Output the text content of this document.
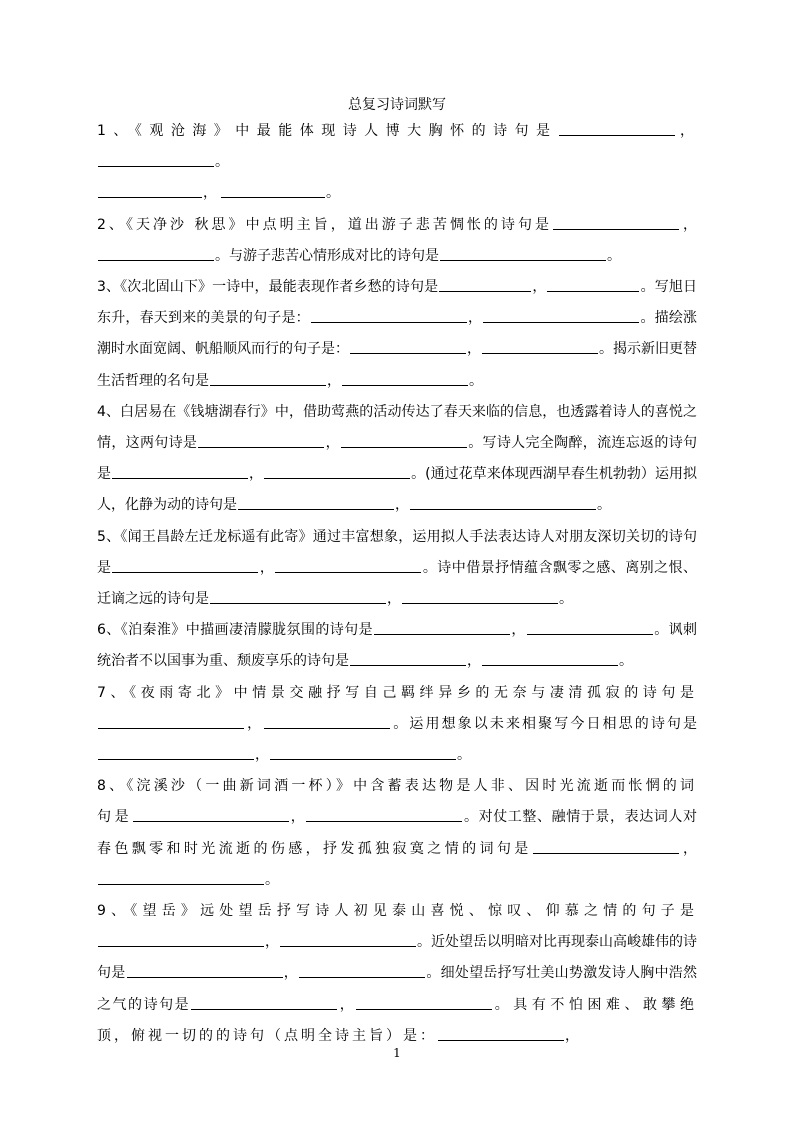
总复习诗词默写

1、《观沧海》中最能体现诗人博大胸怀的诗句是	，。
，	。

2、《天净沙 秋思》中点明主旨，道出游子悲苦惆怅的诗句是	，。与游子悲苦心情形成对比的诗句是	。

3、《次北固山下》一诗中，最能表现作者乡愁的诗句是	，	。写旭日东升，春天到来的美景的句子是：	，	。描绘涨潮时水面宽阔、帆船顺风而行的句子是：	，	。揭示新旧更替生活哲理的名句是	，	。

4、白居易在《钱塘湖春行》中，借助莺燕的活动传达了春天来临的信息，也透露着诗人的喜悦之情，这两句诗是	，	。写诗人完全陶醉，流连忘返的诗句是	，	。(通过花草来体现西湖早春生机勃勃）运用拟人，化静为动的诗句是	，	。

5、《闻王昌龄左迁龙标遥有此寄》通过丰富想象，运用拟人手法表达诗人对朋友深切关切的诗句是	，	。诗中借景抒情蕴含飘零之感、离别之恨、迁谪之远的诗句是	，	。

6、《泊秦淮》中描画凄清朦胧氛围的诗句是	，	。讽刺统治者不以国事为重、颓废享乐的诗句是	，	。

7、《夜雨寄北》中情景交融抒写自己羁绊异乡的无奈与凄清孤寂的诗句是，	。运用想象以未来相聚写今日相思的诗句是，	。

8、《浣溪沙（一曲新词酒一杯）》中含蓄表达物是人非、因时光流逝而怅惘的词句是	，	。对仗工整、融情于景，表达词人对春色飘零和时光流逝的伤感，抒发孤独寂寞之情的词句是	，。

9、《望岳》远处望岳抒写诗人初见泰山喜悦、惊叹、仰慕之情的句子是，	。近处望岳以明暗对比再现泰山高峻雄伟的诗句是	，	。细处望岳抒写壮美山势激发诗人胸中浩然之气的诗句是	，	。具有不怕困难、敢攀绝顶，俯视一切的的诗句（点明全诗主旨）是：	，

1
